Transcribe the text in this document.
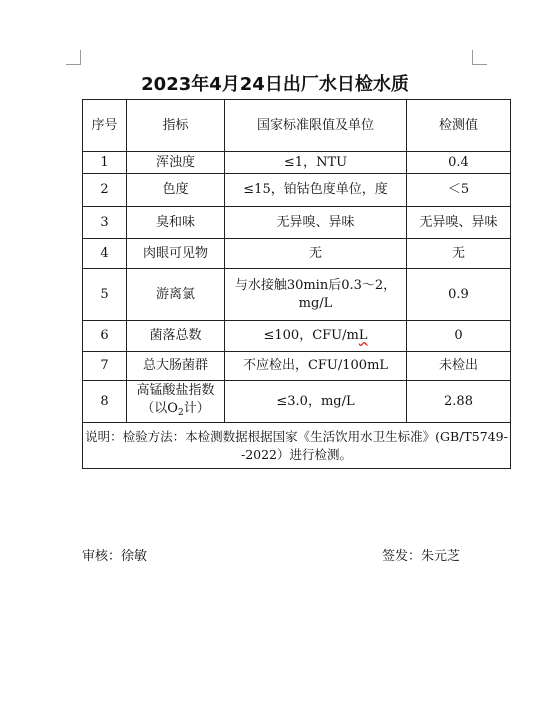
2023年4月24日出厂水日检水质
序号	指标	国家标准限值及单位	检测值
1	浑浊度	≤1，NTU	0.4
2	色度	≤15，铂钴色度单位，度	＜5
3	臭和味	无异嗅、异味	无异嗅、异味
4	肉眼可见物	无	无
5	游离氯	与水接触30min后0.3～2，
mg/L	0.9
6	菌落总数	≤100，CFU/mL	0
7	总大肠菌群	不应检出，CFU/100mL	未检出
8	高锰酸盐指数
（以$O_2$计）	≤3.0，mg/L	2.88
说明：检验方法：本检测数据根据国家《生活饮用水卫生标准》(GB/T5749--2022）进行检测。			
审核：徐敏	签发：朱元芝
